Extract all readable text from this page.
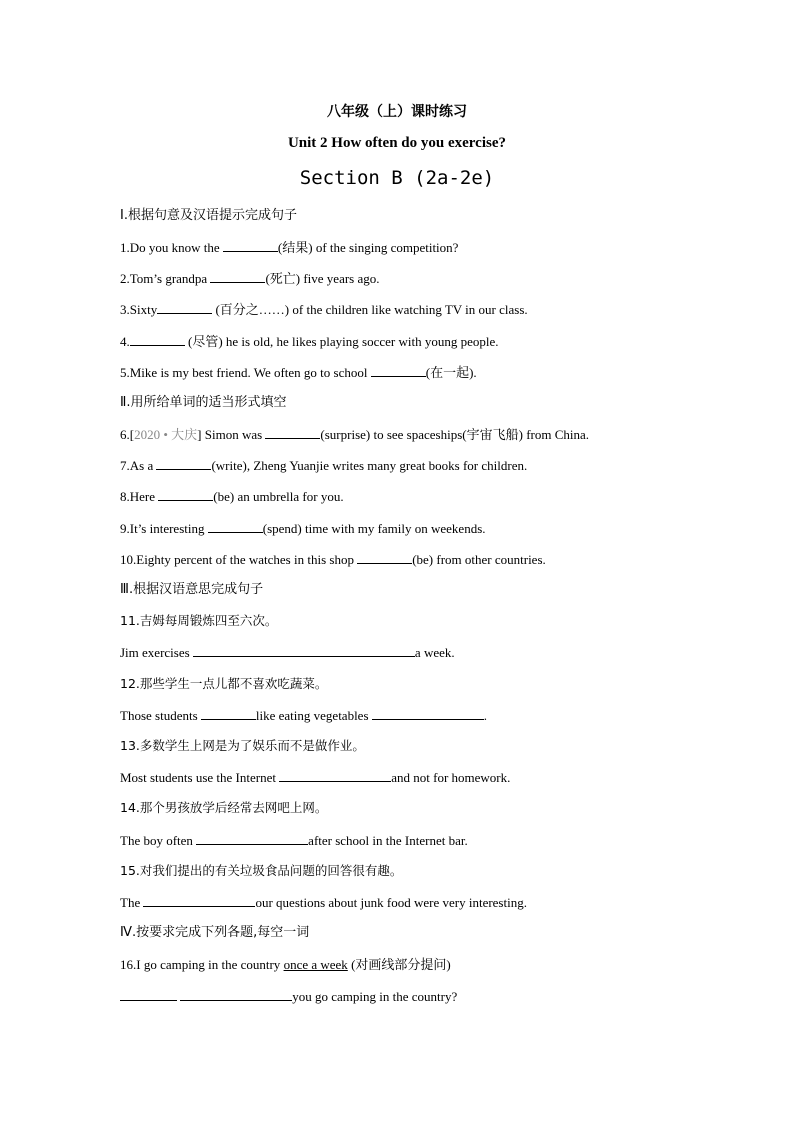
八年级（上）课时练习
Unit 2 How often do you exercise?
Section B (2a-2e)
Ⅰ.根据句意及汉语提示完成句子
1.Do you know the	(结果) of the singing competition?
2.Tom’s grandpa	(死亡) five years ago.
3.Sixty	(百分之……) of the children like watching TV in our class.
4.	(尽管) he is old, he likes playing soccer with young people.
5.Mike is my best friend. We often go to school	(在一起).
Ⅱ.用所给单词的适当形式填空
6.[2020 • 大庆] Simon was	(surprise) to see spaceships(宇宙飞船) from China.
7.As a	(write), Zheng Yuanjie writes many great books for children.
8.Here	(be) an umbrella for you.
9.It’s interesting	(spend) time with my family on weekends.
10.Eighty percent of the watches in this shop	(be) from other countries.
Ⅲ.根据汉语意思完成句子
11.吉姆每周锻炼四至六次。
Jim exercises	a week.
12.那些学生一点儿都不喜欢吃蔬菜。
Those students	like eating vegetables	.
13.多数学生上网是为了娱乐而不是做作业。
Most students use the Internet	and not for homework.
14.那个男孩放学后经常去网吧上网。
The boy often	after school in the Internet bar.
15.对我们提出的有关垃圾食品问题的回答很有趣。
The	our questions about junk food were very interesting.
Ⅳ.按要求完成下列各题,每空一词
16.I go camping in the country once a week (对画线部分提问)
you go camping in the country?
